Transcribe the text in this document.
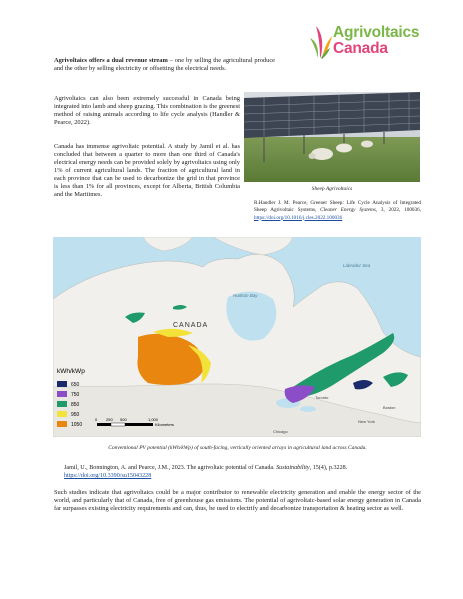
Agrivoltaics
Canada
Agrivoltaics offers a dual revenue stream – one by selling the agricultural produce and the other by selling electricity or offsetting the electrical needs.
Agrivoltaics can also been extremely successful in Canada being integrated into lamb and sheep grazing. This combination is the greenest method of raising animals according to life cycle analysis (Handler & Pearce, 2022).
Canada has immense agrivoltaic potential. A study by Jamil et al. has concluded that between a quarter to more than one third of Canada's electrical energy needs can be provided solely by agrivoltaics using only 1% of current agricultural lands. The fraction of agricultural land in each province that can be used to decarbonize the grid in that province is less than 1% for all provinces, except for Alberta, British Columbia and the Maritimes.
Sheep Agrivoltaics
R.Handler J. M. Pearce, Greener Sheep: Life Cycle Analysis of Integrated Sheep Agrivoltaic Systems, Cleaner Energy Systems, 3, 2022, 100036, https://doi.org/10.1016/j.cles.2022.100036
CANADA
Hudson Bay
Labrador Sea
Chicago
Boston
New York
Toronto
kWh/kWp
650
750
850
950
1050
0 250 500	1,000
Kilometers
Conventional PV potential (kWh/kWp) of south-facing, vertically oriented arrays in agricultural land across Canada.
Jamil, U., Bonnington, A. and Pearce, J.M., 2023. The agrivoltaic potential of Canada. Sustainability, 15(4), p.3228. https://doi.org/10.3390/su15043228
Such studies indicate that agrivoltaics could be a major contributor to renewable electricity generation and enable the energy sector of the world, and particularly that of Canada, free of greenhouse gas emissions. The potential of agrivoltaic-based solar energy generation in Canada far surpasses existing electricity requirements and can, thus, be used to electrify and decarbonize transportation & heating sector as well.
